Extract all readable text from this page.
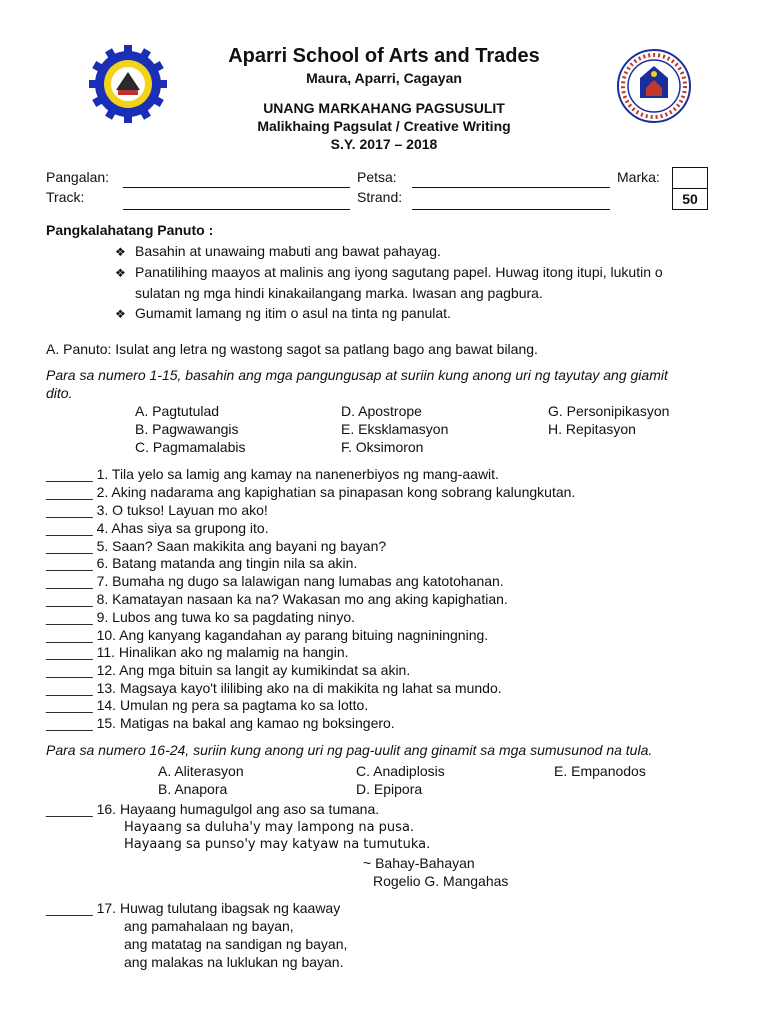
Aparri School of Arts and Trades
Maura, Aparri, Cagayan
UNANG MARKAHANG PAGSUSULIT
Malikhaing Pagsulat / Creative Writing
S.Y. 2017 – 2018
Pangalan:
Track:
Petsa:
Strand:
Marka:
50
Pangkalahatang Panuto :
❖ Basahin at unawaing mabuti ang bawat pahayag.
❖ Panatilihing maayos at malinis ang iyong sagutang papel. Huwag itong itupi, lukutin o
sulatan ng mga hindi kinakailangang marka. Iwasan ang pagbura.
❖ Gumamit lamang ng itim o asul na tinta ng panulat.
A. Panuto: Isulat ang letra ng wastong sagot sa patlang bago ang bawat bilang.
Para sa numero 1-15, basahin ang mga pangungusap at suriin kung anong uri ng tayutay ang giamit
dito.
A. Pagtutulad
B. Pagwawangis
C. Pagmamalabis
D. Apostrope
E. Eksklamasyon
F. Oksimoron
G. Personipikasyon
H. Repitasyon
______ 1. Tila yelo sa lamig ang kamay na nanenerbiyos ng mang-aawit.
______ 2. Aking nadarama ang kapighatian sa pinapasan kong sobrang kalungkutan.
______ 3. O tukso! Layuan mo ako!
______ 4. Ahas siya sa grupong ito.
______ 5. Saan? Saan makikita ang bayani ng bayan?
______ 6. Batang matanda ang tingin nila sa akin.
______ 7. Bumaha ng dugo sa lalawigan nang lumabas ang katotohanan.
______ 8. Kamatayan nasaan ka na? Wakasan mo ang aking kapighatian.
______ 9. Lubos ang tuwa ko sa pagdating ninyo.
______ 10. Ang kanyang kagandahan ay parang bituing nagniningning.
______ 11. Hinalikan ako ng malamig na hangin.
______ 12. Ang mga bituin sa langit ay kumikindat sa akin.
______ 13. Magsaya kayo't ililibing ako na di makikita ng lahat sa mundo.
______ 14. Umulan ng pera sa pagtama ko sa lotto.
______ 15. Matigas na bakal ang kamao ng boksingero.
Para sa numero 16-24, suriin kung anong uri ng pag-uulit ang ginamit sa mga sumusunod na tula.
A. Aliterasyon
B. Anapora
C. Anadiplosis
D. Epipora
E. Empanodos
______ 16. Hayaang humagulgol ang aso sa tumana.
Hayaang sa duluha'y may lampong na pusa.
Hayaang sa punso'y may katyaw na tumutuka.
~ Bahay-Bahayan
Rogelio G. Mangahas
______ 17. Huwag tulutang ibagsak ng kaaway
ang pamahalaan ng bayan,
ang matatag na sandigan ng bayan,
ang malakas na luklukan ng bayan.
